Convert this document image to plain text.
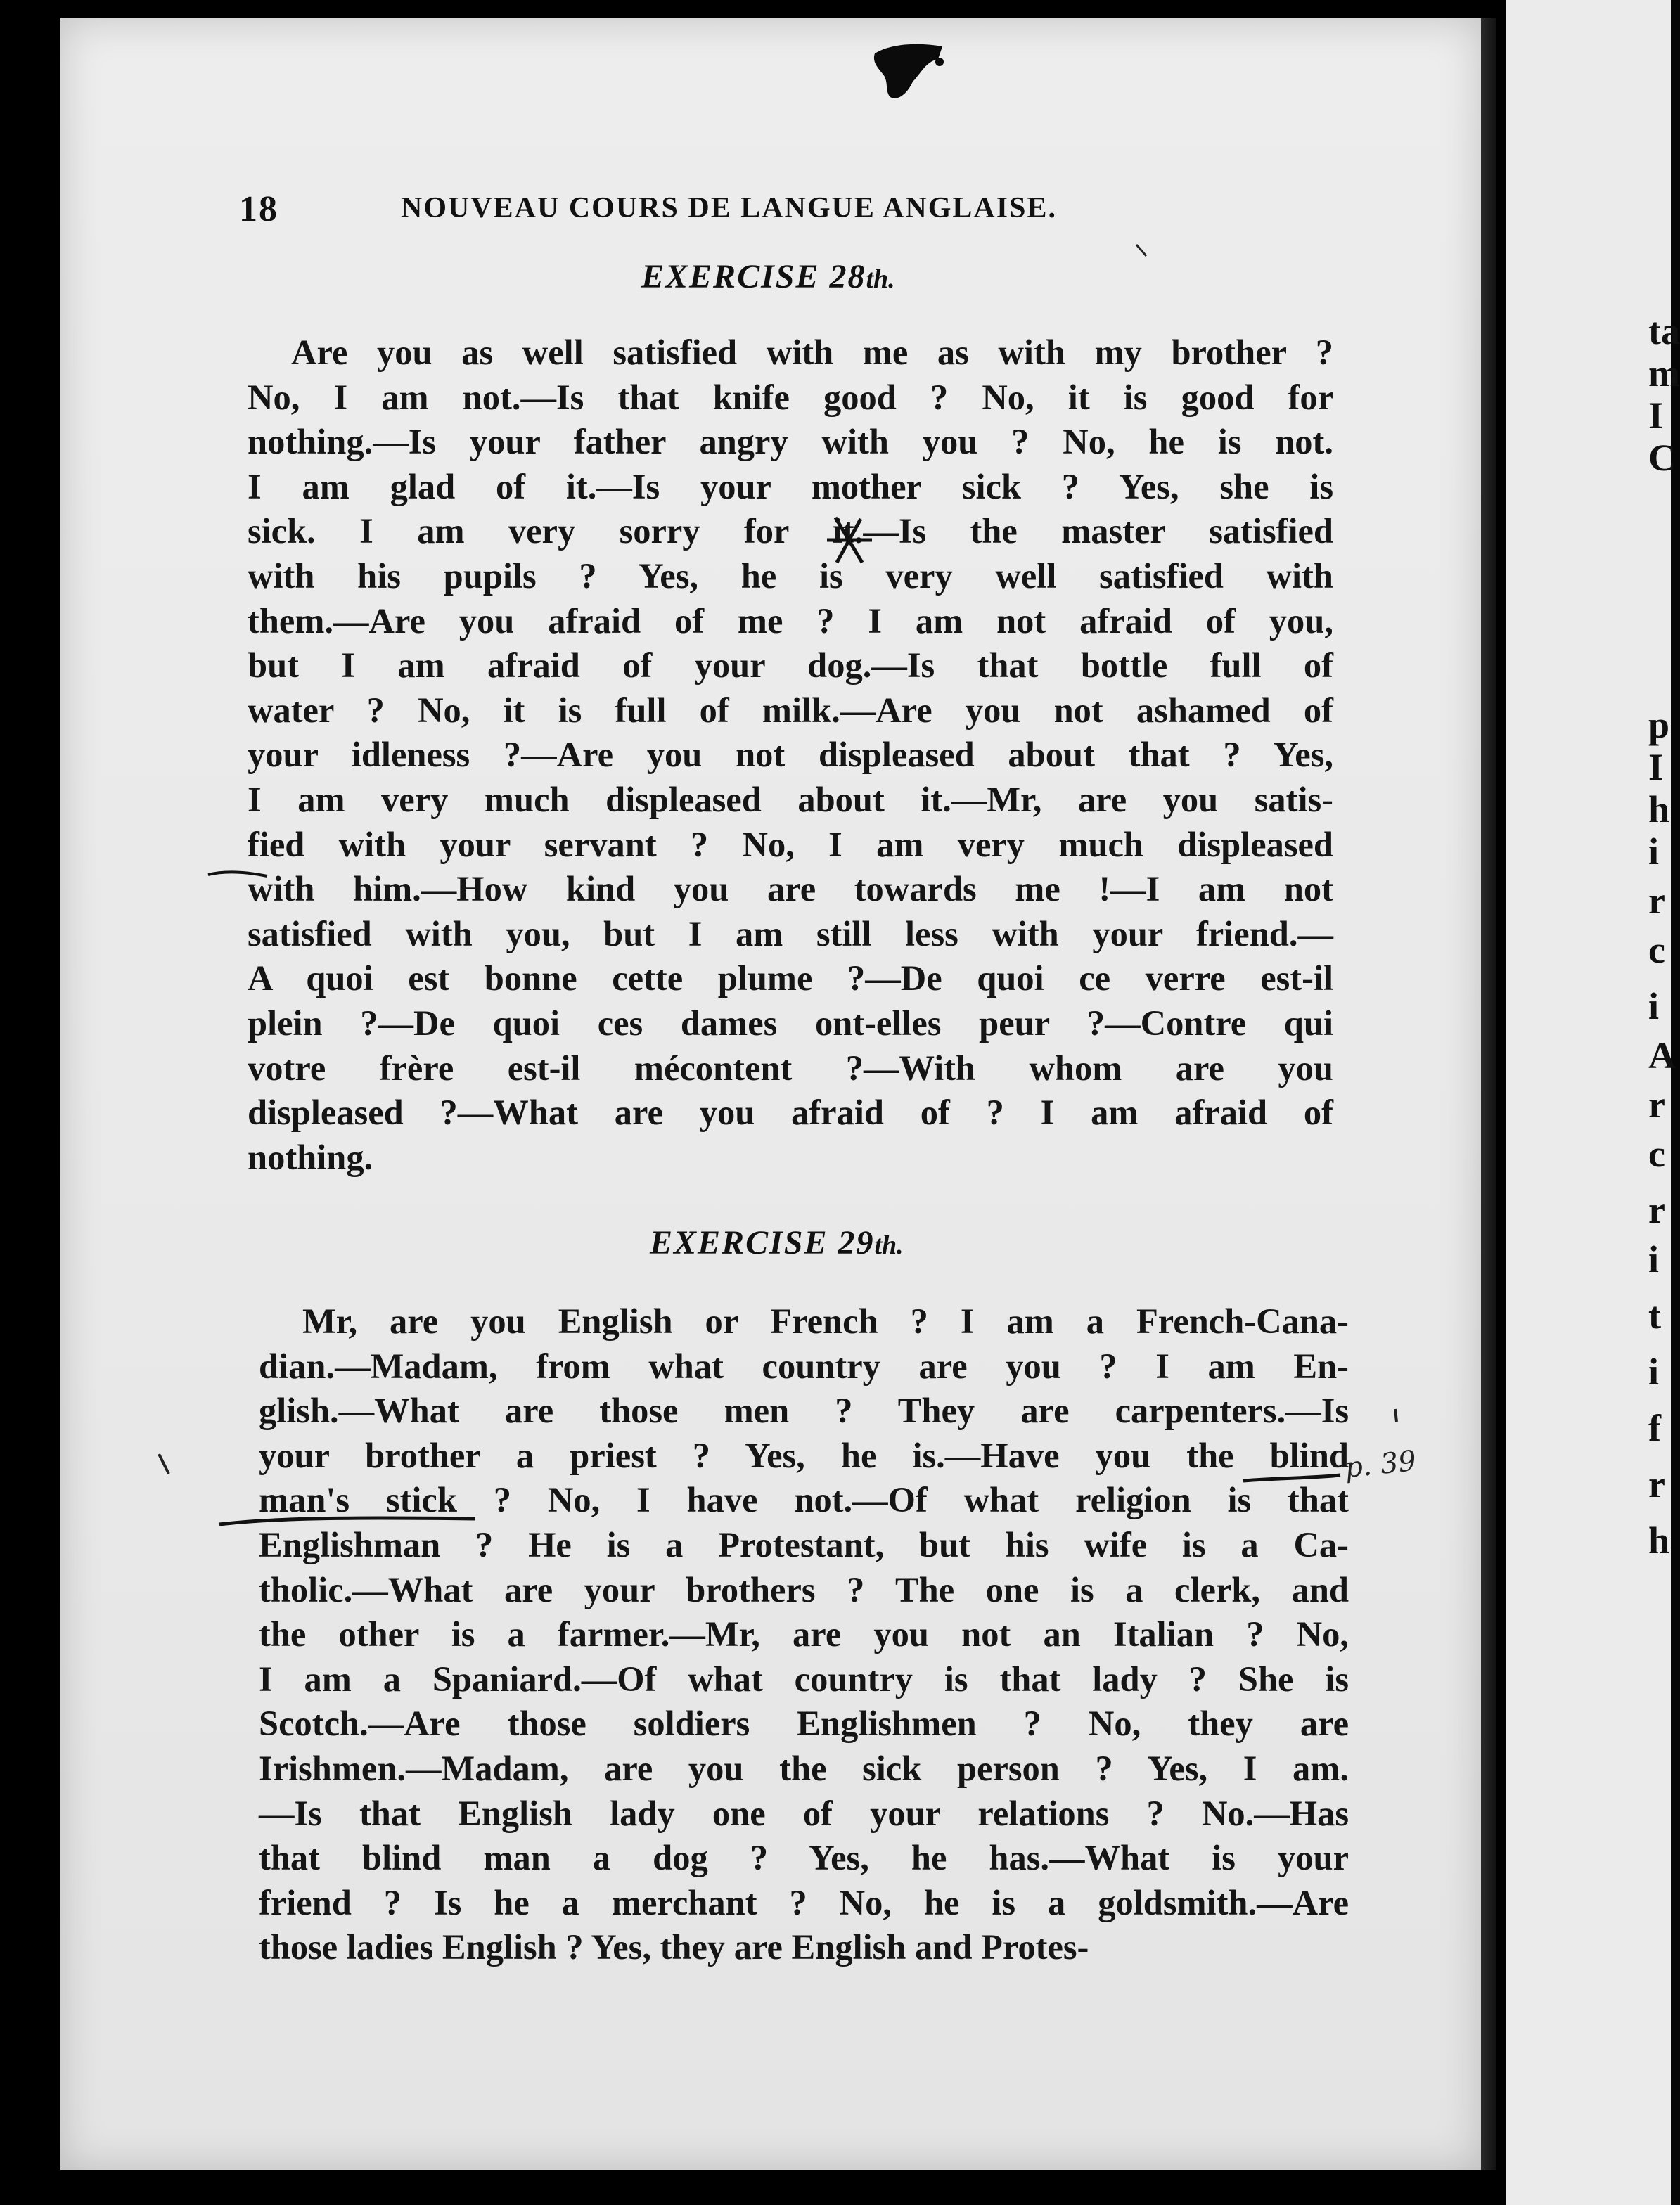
18	NOUVEAU COURS DE LANGUE ANGLAISE.
EXERCISE 28th.
Are you as well satisfied with me as with my brother ?
No, I am not.—Is that knife good ? No, it is good for
nothing.—Is your father angry with you ? No, he is not.
I am glad of it.—Is your mother sick ? Yes, she is
sick. I am very sorry for it.—Is the master satisfied
with his pupils ? Yes, he is very well satisfied with
them.—Are you afraid of me ? I am not afraid of you,
but I am afraid of your dog.—Is that bottle full of
water ? No, it is full of milk.—Are you not ashamed of
your idleness ?—Are you not displeased about that ? Yes,
I am very much displeased about it.—Mr, are you satis-
fied with your servant ? No, I am very much displeased
with him.—How kind you are towards me !—I am not
satisfied with you, but I am still less with your friend.—
A quoi est bonne cette plume ?—De quoi ce verre est-il
plein ?—De quoi ces dames ont-elles peur ?—Contre qui
votre frère est-il mécontent ?—With whom are you
displeased ?—What are you afraid of ? I am afraid of
nothing.
EXERCISE 29th.
Mr, are you English or French ? I am a French-Cana-
dian.—Madam, from what country are you ? I am En-
glish.—What are those men ? They are carpenters.—Is
your brother a priest ? Yes, he is.—Have you the blind
man's stick ? No, I have not.—Of what religion is that
Englishman ? He is a Protestant, but his wife is a Ca-
tholic.—What are your brothers ? The one is a clerk, and
the other is a farmer.—Mr, are you not an Italian ? No,
I am a Spaniard.—Of what country is that lady ? She is
Scotch.—Are those soldiers Englishmen ? No, they are
Irishmen.—Madam, are you the sick person ? Yes, I am.
—Is that English lady one of your relations ? No.—Has
that blind man a dog ? Yes, he has.—What is your
friend ? Is he a merchant ? No, he is a goldsmith.—Are
those ladies English ? Yes, they are English and Protes-
p. 39
ta
m
I
C
p
I
h
i
r
c
i
A
r
c
r
i
t
i
f
r
h
